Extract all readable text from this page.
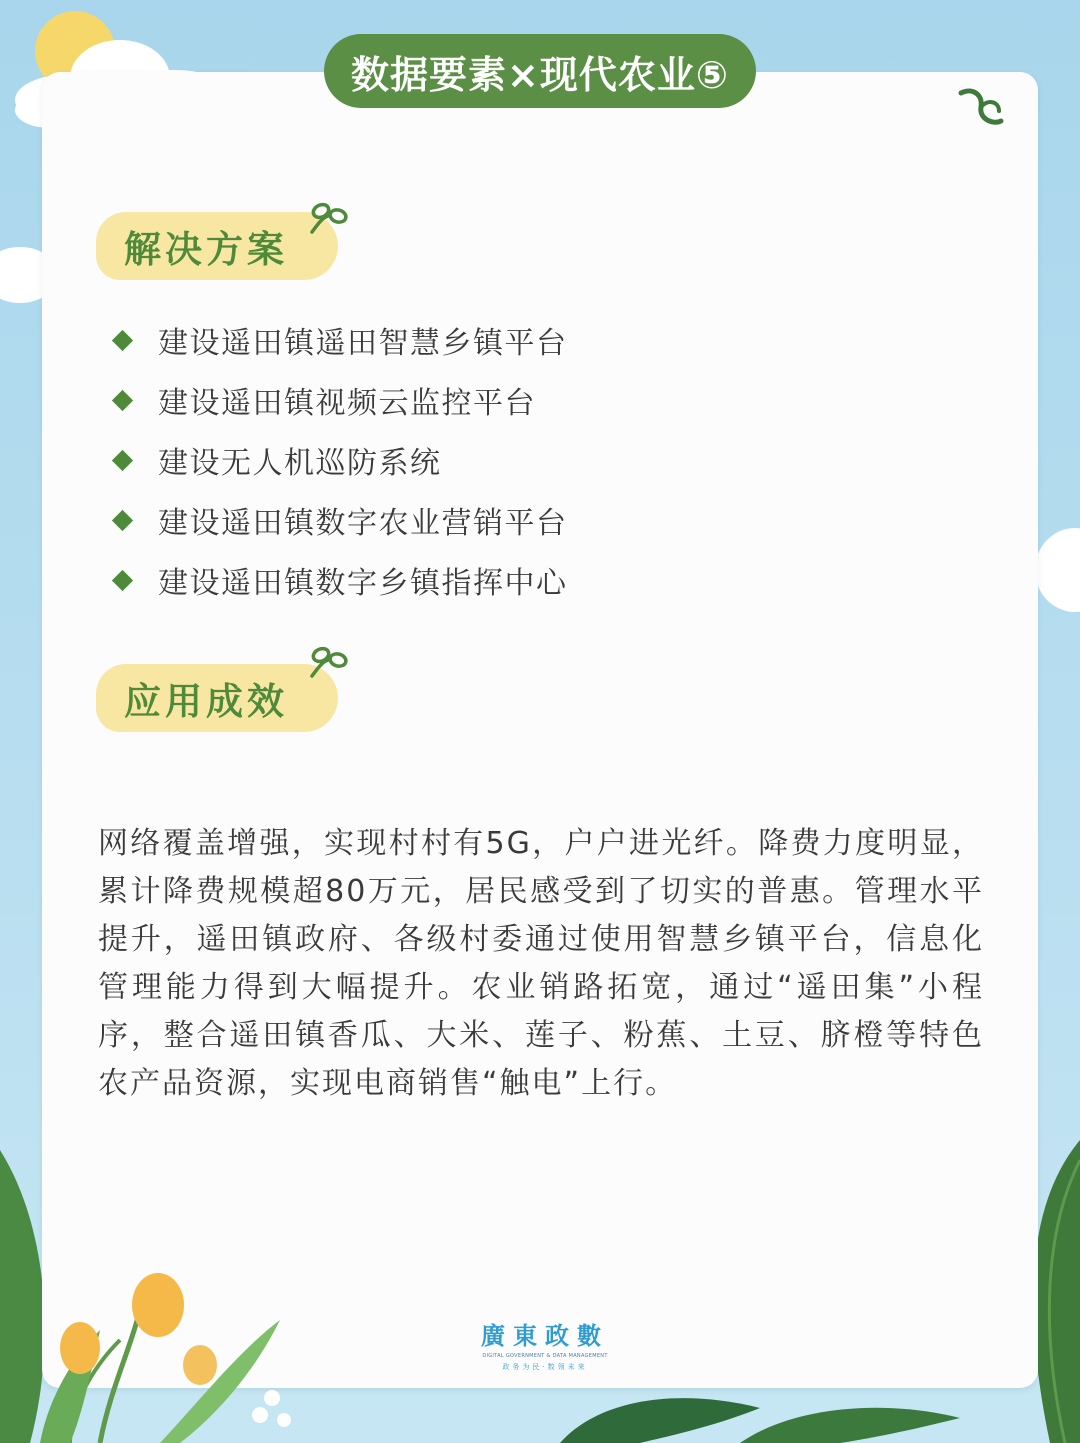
数据要素×现代农业⑤
解决方案
建设遥田镇遥田智慧乡镇平台
建设遥田镇视频云监控平台
建设无人机巡防系统
建设遥田镇数字农业营销平台
建设遥田镇数字乡镇指挥中心
应用成效

网络覆盖增强，实现村村有5G，户户进光纤。降费力度明显，累计降费规模超80万元，居民感受到了切实的普惠。管理水平提升，遥田镇政府、各级村委通过使用智慧乡镇平台，信息化管理能力得到大幅提升。农业销路拓宽，通过“遥田集”小程序，整合遥田镇香瓜、大米、莲子、粉蕉、土豆、脐橙等特色农产品资源，实现电商销售“触电”上行。

廣東政數
DIGITAL GOVERNMENT & DATA MANAGEMENT
政务为民·数领未来
